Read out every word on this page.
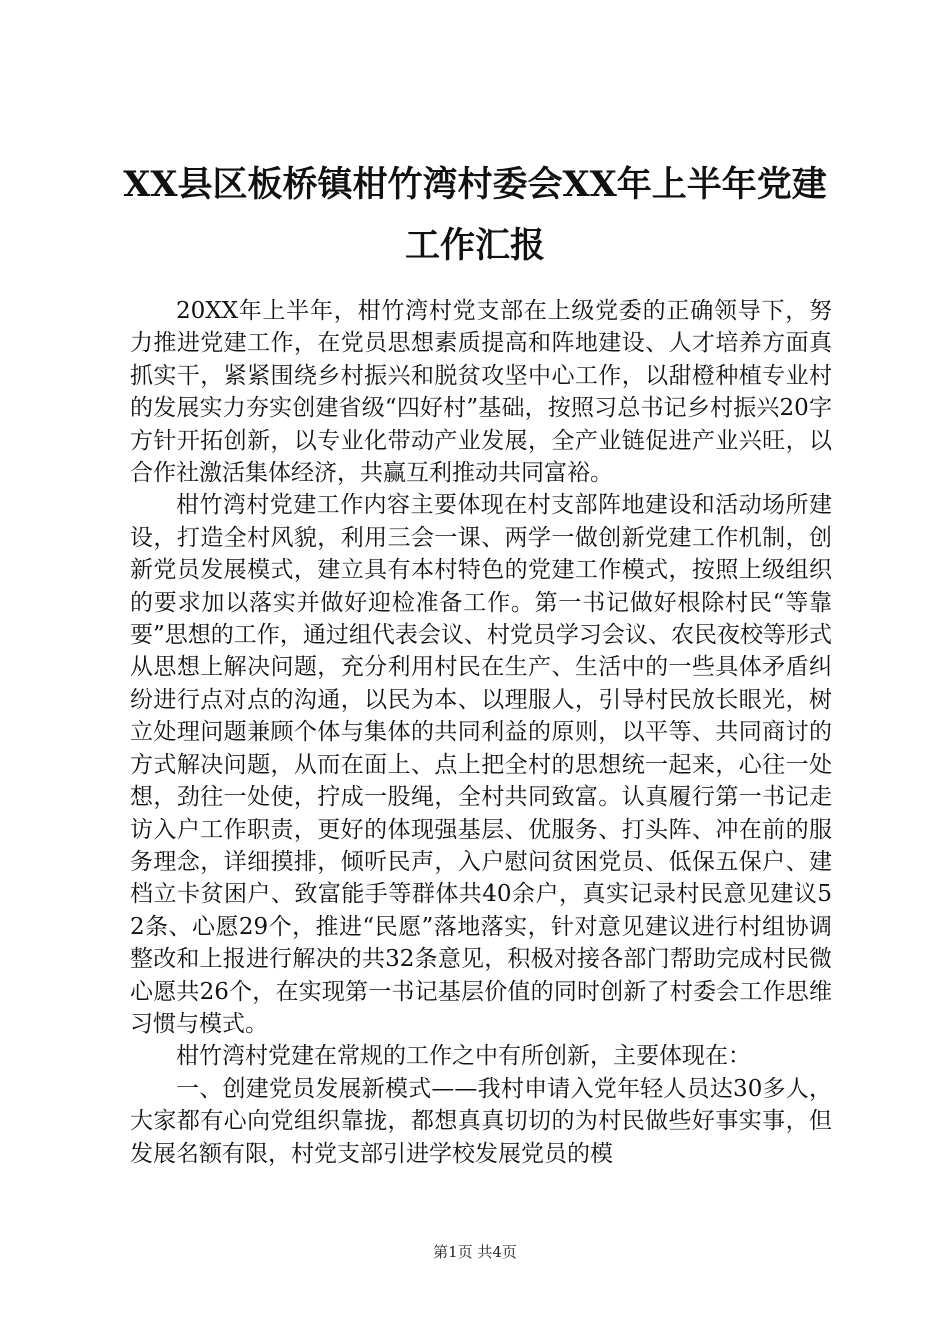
XX县区板桥镇柑竹湾村委会XX年上半年党建
工作汇报

20XX年上半年，柑竹湾村党支部在上级党委的正确领导下，努力推进党建工作，在党员思想素质提高和阵地建设、人才培养方面真抓实干，紧紧围绕乡村振兴和脱贫攻坚中心工作，以甜橙种植专业村的发展实力夯实创建省级“四好村”基础，按照习总书记乡村振兴20字方针开拓创新，以专业化带动产业发展，全产业链促进产业兴旺，以合作社激活集体经济，共赢互利推动共同富裕。

柑竹湾村党建工作内容主要体现在村支部阵地建设和活动场所建设，打造全村风貌，利用三会一课、两学一做创新党建工作机制，创新党员发展模式，建立具有本村特色的党建工作模式，按照上级组织的要求加以落实并做好迎检准备工作。第一书记做好根除村民“等靠要”思想的工作，通过组代表会议、村党员学习会议、农民夜校等形式从思想上解决问题，充分利用村民在生产、生活中的一些具体矛盾纠纷进行点对点的沟通，以民为本、以理服人，引导村民放长眼光，树立处理问题兼顾个体与集体的共同利益的原则，以平等、共同商讨的方式解决问题，从而在面上、点上把全村的思想统一起来，心往一处想，劲往一处使，拧成一股绳，全村共同致富。认真履行第一书记走访入户工作职责，更好的体现强基层、优服务、打头阵、冲在前的服务理念，详细摸排，倾听民声，入户慰问贫困党员、低保五保户、建档立卡贫困户、致富能手等群体共40余户，真实记录村民意见建议52条、心愿29个，推进“民愿”落地落实，针对意见建议进行村组协调整改和上报进行解决的共32条意见，积极对接各部门帮助完成村民微心愿共26个，在实现第一书记基层价值的同时创新了村委会工作思维习惯与模式。

柑竹湾村党建在常规的工作之中有所创新，主要体现在：

一、创建党员发展新模式——我村申请入党年轻人员达30多人，大家都有心向党组织靠拢，都想真真切切的为村民做些好事实事，但发展名额有限，村党支部引进学校发展党员的模

第1页 共4页
